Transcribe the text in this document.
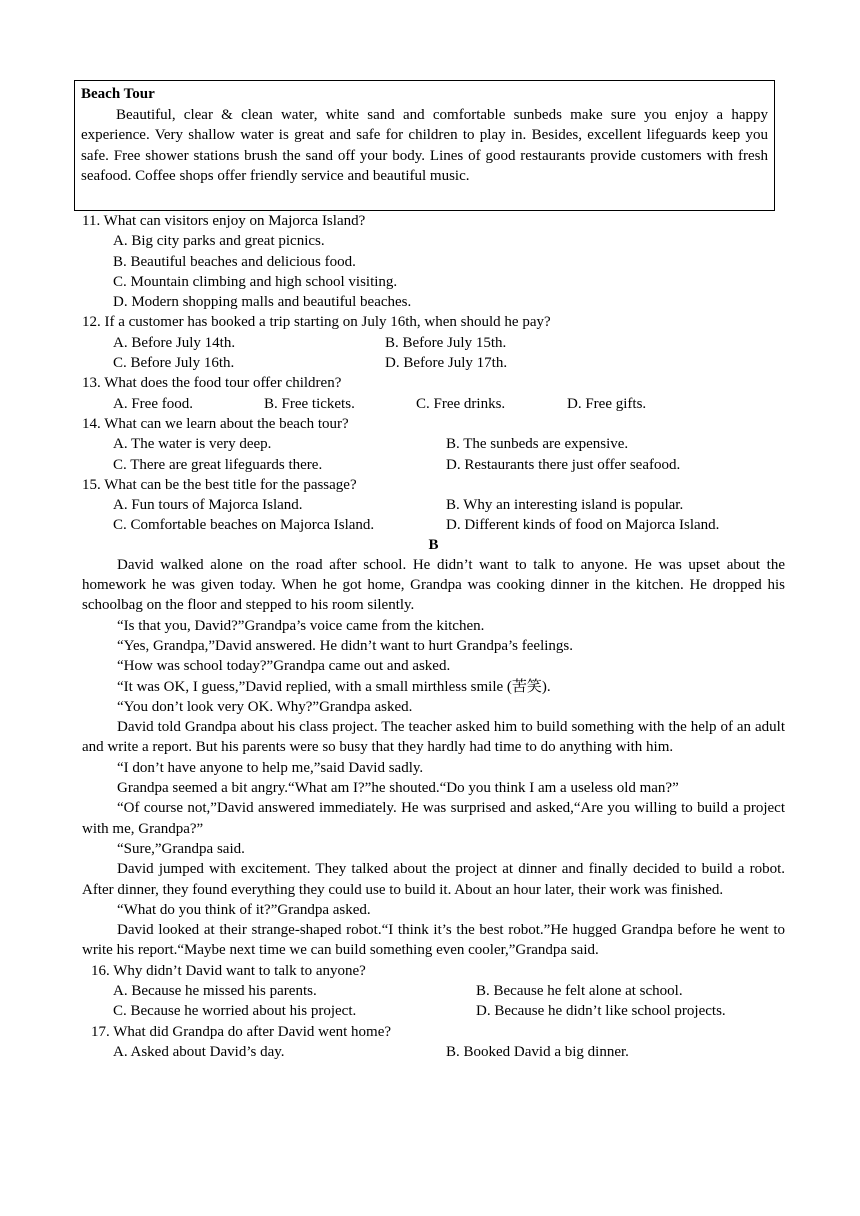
Beach Tour
Beautiful, clear & clean water, white sand and comfortable sunbeds make sure you enjoy a happy experience. Very shallow water is great and safe for children to play in. Besides, excellent lifeguards keep you safe. Free shower stations brush the sand off your body. Lines of good restaurants provide customers with fresh seafood. Coffee shops offer friendly service and beautiful music.
11. What can visitors enjoy on Majorca Island?
A. Big city parks and great picnics.
B. Beautiful beaches and delicious food.
C. Mountain climbing and high school visiting.
D. Modern shopping malls and beautiful beaches.
12. If a customer has booked a trip starting on July 16th, when should he pay?
A. Before July 14th.	B. Before July 15th.
C. Before July 16th.	D. Before July 17th.
13. What does the food tour offer children?
A. Free food.	B. Free tickets.	C. Free drinks.	D. Free gifts.
14. What can we learn about the beach tour?
A. The water is very deep.	B. The sunbeds are expensive.
C. There are great lifeguards there.	D. Restaurants there just offer seafood.
15. What can be the best title for the passage?
A. Fun tours of Majorca Island.	B. Why an interesting island is popular.
C. Comfortable beaches on Majorca Island.	D. Different kinds of food on Majorca Island.
B
David walked alone on the road after school. He didn’t want to talk to anyone. He was upset about the homework he was given today. When he got home, Grandpa was cooking dinner in the kitchen. He dropped his schoolbag on the floor and stepped to his room silently.
“Is that you, David?”Grandpa’s voice came from the kitchen.
“Yes, Grandpa,”David answered. He didn’t want to hurt Grandpa’s feelings.
“How was school today?”Grandpa came out and asked.
“It was OK, I guess,”David replied, with a small mirthless smile (苦笑).
“You don’t look very OK. Why?”Grandpa asked.
David told Grandpa about his class project. The teacher asked him to build something with the help of an adult and write a report. But his parents were so busy that they hardly had time to do anything with him.
“I don’t have anyone to help me,”said David sadly.
Grandpa seemed a bit angry.“What am I?”he shouted.“Do you think I am a useless old man?”
“Of course not,”David answered immediately. He was surprised and asked,“Are you willing to build a project with me, Grandpa?”
“Sure,”Grandpa said.
David jumped with excitement. They talked about the project at dinner and finally decided to build a robot. After dinner, they found everything they could use to build it. About an hour later, their work was finished.
“What do you think of it?”Grandpa asked.
David looked at their strange-shaped robot.“I think it’s the best robot.”He hugged Grandpa before he went to write his report.“Maybe next time we can build something even cooler,”Grandpa said.
16. Why didn’t David want to talk to anyone?
A. Because he missed his parents.	B. Because he felt alone at school.
C. Because he worried about his project.	D. Because he didn’t like school projects.
17. What did Grandpa do after David went home?
A. Asked about David’s day.	B. Booked David a big dinner.
